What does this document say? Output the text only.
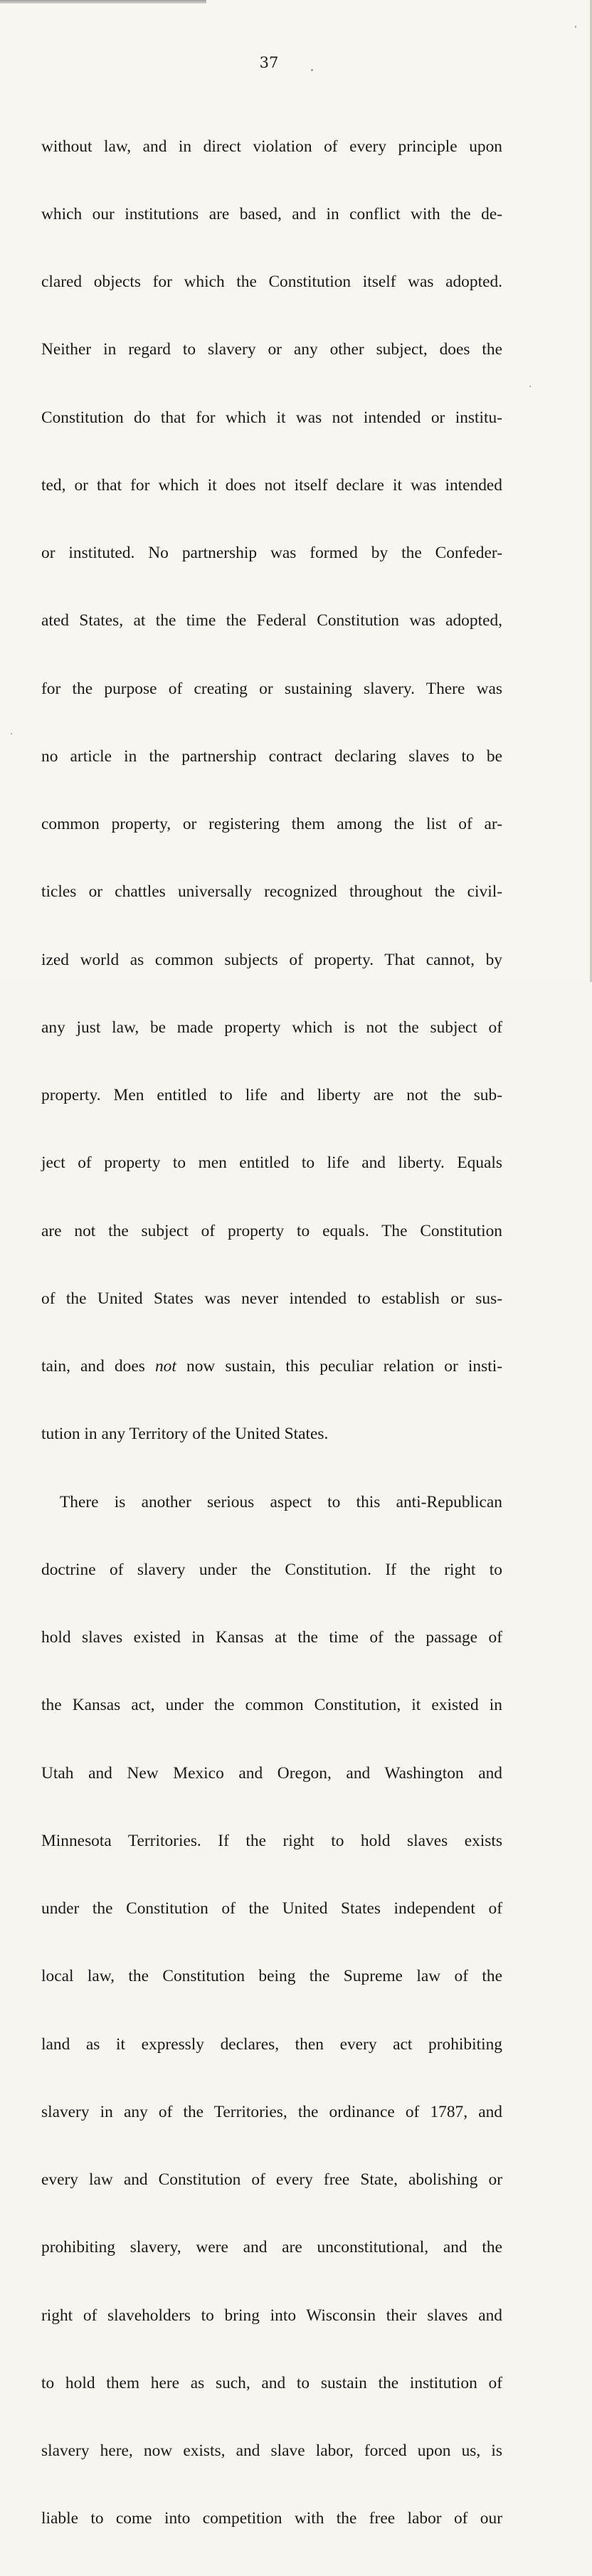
37

without law, and in direct violation of every principle upon

which our institutions are based, and in conflict with the de-

clared objects for which the Constitution itself was adopted.

Neither in regard to slavery or any other subject, does the

Constitution do that for which it was not intended or institu-

ted, or that for which it does not itself declare it was intended

or instituted. No partnership was formed by the Confeder-

ated States, at the time the Federal Constitution was adopted,

for the purpose of creating or sustaining slavery. There was

no article in the partnership contract declaring slaves to be

common property, or registering them among the list of ar-

ticles or chattles universally recognized throughout the civil-

ized world as common subjects of property. That cannot, by

any just law, be made property which is not the subject of

property. Men entitled to life and liberty are not the sub-

ject of property to men entitled to life and liberty. Equals

are not the subject of property to equals. The Constitution

of the United States was never intended to establish or sus-

tain, and does not now sustain, this peculiar relation or insti-

tution in any Territory of the United States.

There is another serious aspect to this anti-Republican

doctrine of slavery under the Constitution. If the right to

hold slaves existed in Kansas at the time of the passage of

the Kansas act, under the common Constitution, it existed in

Utah and New Mexico and Oregon, and Washington and

Minnesota Territories. If the right to hold slaves exists

under the Constitution of the United States independent of

local law, the Constitution being the Supreme law of the

land as it expressly declares, then every act prohibiting

slavery in any of the Territories, the ordinance of 1787, and

every law and Constitution of every free State, abolishing or

prohibiting slavery, were and are unconstitutional, and the

right of slaveholders to bring into Wisconsin their slaves and

to hold them here as such, and to sustain the institution of

slavery here, now exists, and slave labor, forced upon us, is

liable to come into competition with the free labor of our
